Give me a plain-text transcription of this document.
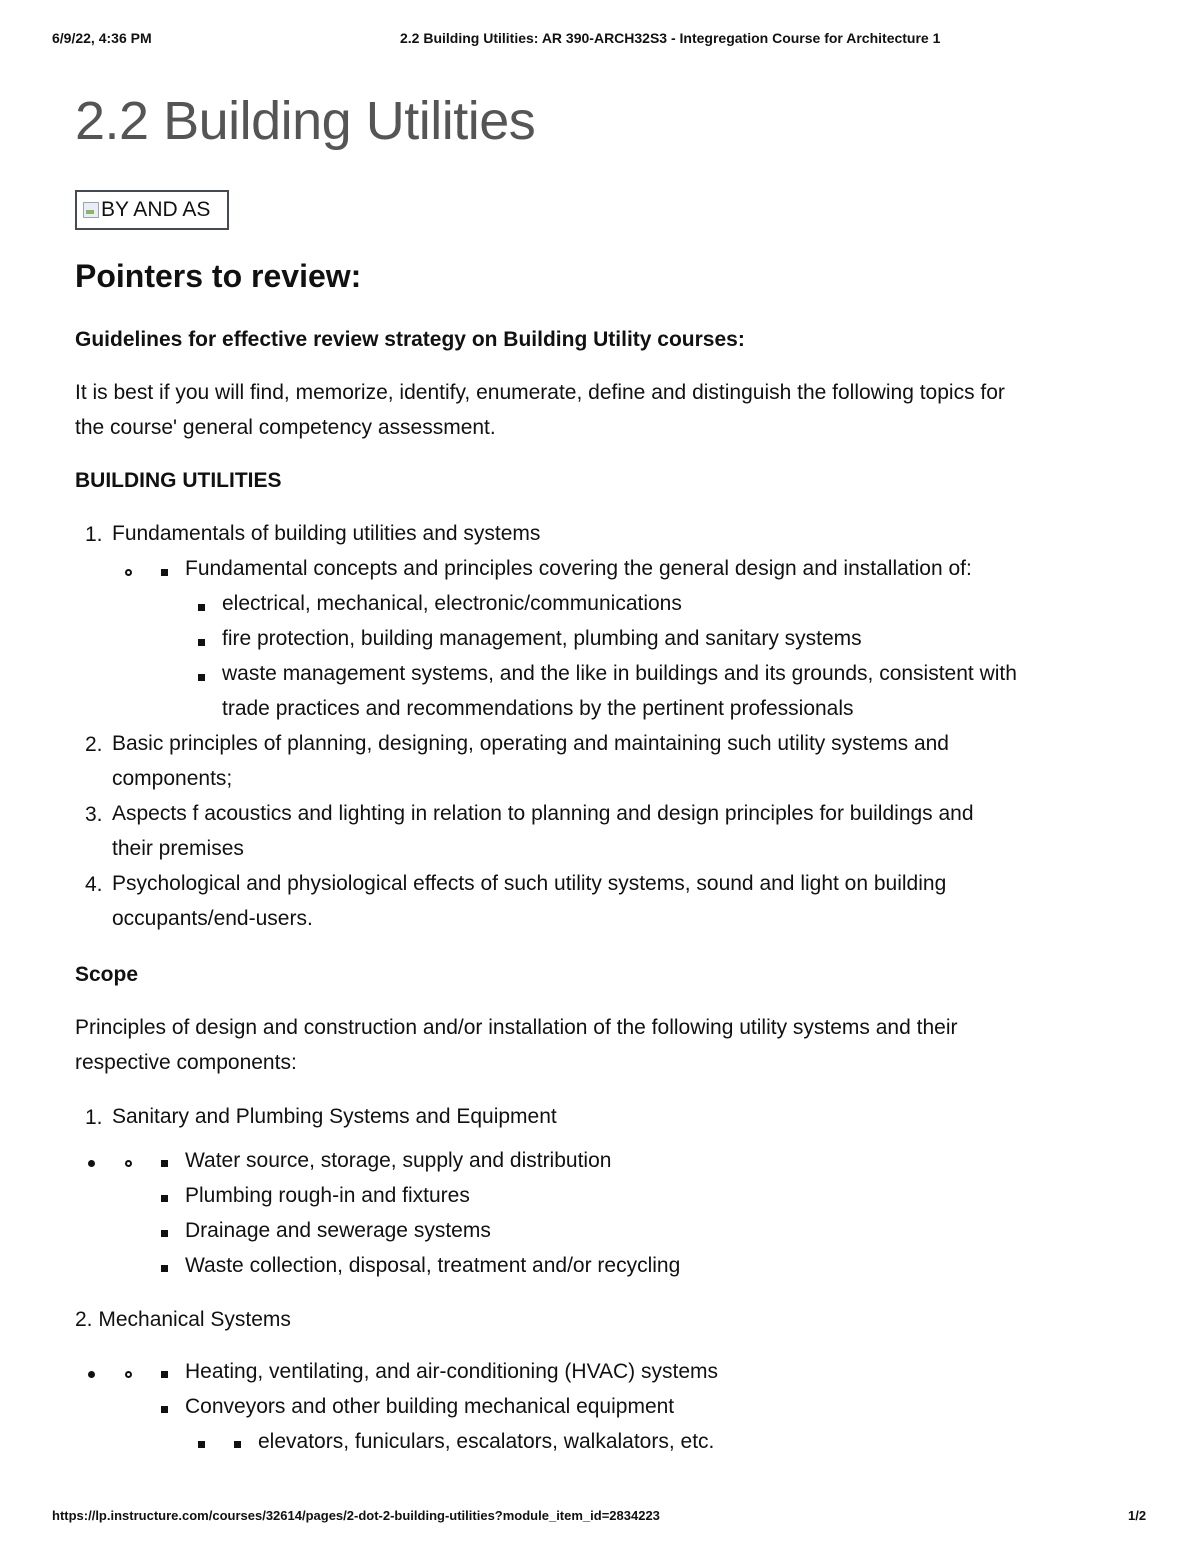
6/9/22, 4:36 PM	2.2 Building Utilities: AR 390-ARCH32S3 - Integregation Course for Architecture 1
2.2 Building Utilities
BY AND AS
Pointers to review:
Guidelines for effective review strategy on Building Utility courses:
It is best if you will find, memorize, identify, enumerate, define and distinguish the following topics for
the course' general competency assessment.
BUILDING UTILITIES
1. Fundamentals of building utilities and systems
Fundamental concepts and principles covering the general design and installation of:
electrical, mechanical, electronic/communications
fire protection, building management, plumbing and sanitary systems
waste management systems, and the like in buildings and its grounds, consistent with
trade practices and recommendations by the pertinent professionals
2. Basic principles of planning, designing, operating and maintaining such utility systems and
components;
3. Aspects f acoustics and lighting in relation to planning and design principles for buildings and
their premises
4. Psychological and physiological effects of such utility systems, sound and light on building
occupants/end-users.
Scope
Principles of design and construction and/or installation of the following utility systems and their
respective components:
1. Sanitary and Plumbing Systems and Equipment
Water source, storage, supply and distribution
Plumbing rough-in and fixtures
Drainage and sewerage systems
Waste collection, disposal, treatment and/or recycling
2. Mechanical Systems
Heating, ventilating, and air-conditioning (HVAC) systems
Conveyors and other building mechanical equipment
elevators, funiculars, escalators, walkalators, etc.
https://lp.instructure.com/courses/32614/pages/2-dot-2-building-utilities?module_item_id=2834223	1/2
